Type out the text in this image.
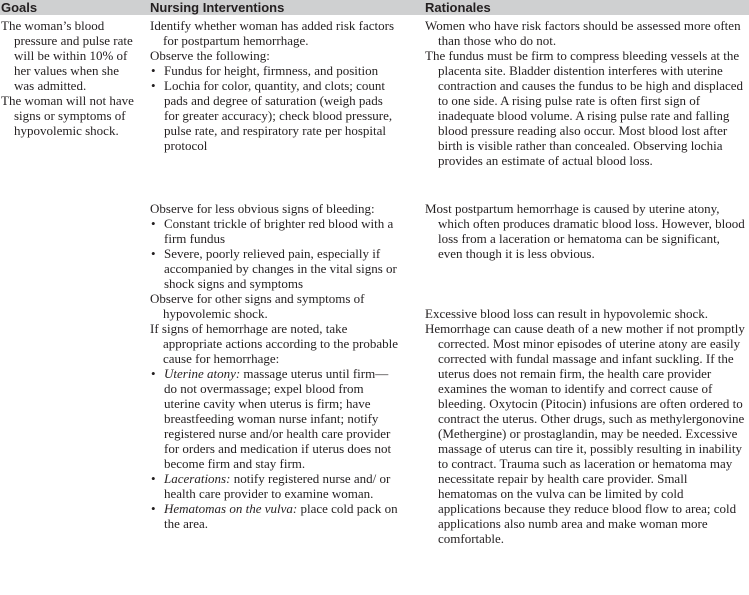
Goals	Nursing Interventions	Rationales

The woman’s blood pressure and pulse rate will be within 10% of her values when she was admitted.

The woman will not have signs or symptoms of hypovolemic shock.

Identify whether woman has added risk factors for postpartum hemorrhage.

Observe the following:

• Fundus for height, firmness, and position

• Lochia for color, quantity, and clots; count pads and degree of saturation (weigh pads for greater accuracy); check blood pressure, pulse rate, and respiratory rate per hospital protocol

Observe for less obvious signs of bleeding:

• Constant trickle of brighter red blood with a firm fundus

• Severe, poorly relieved pain, especially if accompanied by changes in the vital signs or shock signs and symptoms

Observe for other signs and symptoms of hypovolemic shock.

If signs of hemorrhage are noted, take appropriate actions according to the probable cause for hemorrhage:

• Uterine atony: massage uterus until firm—do not overmassage; expel blood from uterine cavity when uterus is firm; have breastfeeding woman nurse infant; notify registered nurse and/or health care provider for orders and medication if uterus does not become firm and stay firm.

• Lacerations: notify registered nurse and/ or health care provider to examine woman.

• Hematomas on the vulva: place cold pack on the area.

Women who have risk factors should be assessed more often than those who do not.

The fundus must be firm to compress bleeding vessels at the placenta site. Bladder distention interferes with uterine contraction and causes the fundus to be high and displaced to one side. A rising pulse rate is often first sign of inadequate blood volume. A rising pulse rate and falling blood pressure reading also occur. Most blood lost after birth is visible rather than concealed. Observing lochia provides an estimate of actual blood loss.

Most postpartum hemorrhage is caused by uterine atony, which often produces dramatic blood loss. However, blood loss from a laceration or hematoma can be significant, even though it is less obvious.

Excessive blood loss can result in hypovolemic shock.

Hemorrhage can cause death of a new mother if not promptly corrected. Most minor episodes of uterine atony are easily corrected with fundal massage and infant suckling. If the uterus does not remain firm, the health care provider examines the woman to identify and correct cause of bleeding. Oxytocin (Pitocin) infusions are often ordered to contract the uterus. Other drugs, such as methylergonovine (Methergine) or prostaglandin, may be needed. Excessive massage of uterus can tire it, possibly resulting in inability to contract. Trauma such as laceration or hematoma may necessitate repair by health care provider. Small hematomas on the vulva can be limited by cold applications because they reduce blood flow to area; cold applications also numb area and make woman more comfortable.
